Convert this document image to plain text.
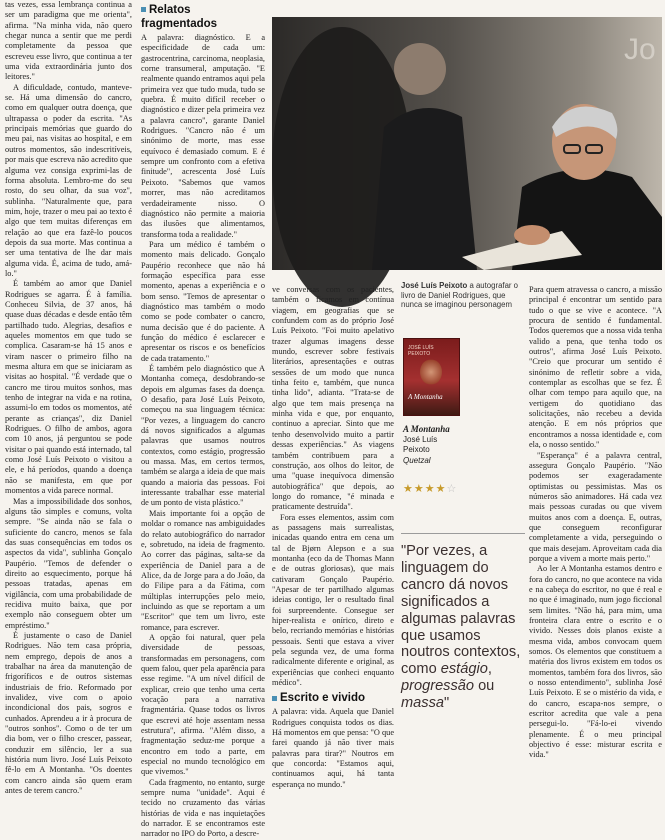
tas vezes, essa lembrança continua a ser um paradigma que me orienta", afirma. "Na minha vida, não quero chegar nunca a sentir que me perdi completamente da pessoa que escreveu esse livro, que continua a ter uma vida extraordinária junto dos leitores."

A dificuldade, contudo, manteve-se. Há uma dimensão do cancro, como em qualquer outra doença, que ultrapassa o poder da escrita. "As principais memórias que guardo do meu pai, nas visitas ao hospital, e em outros momentos, são indescritíveis, por mais que escreva não acredito que alguma vez consiga exprimi-las de forma absoluta. Lembro-me do seu rosto, do seu olhar, da sua voz", sublinha. "Naturalmente que, para mim, hoje, trazer o meu pai ao texto é algo que tem muitas diferenças em relação ao que era fazê-lo poucos depois da sua morte. Mas continua a ser uma tentativa de lhe dar mais alguma vida. É, acima de tudo, amá-lo."

É também ao amor que Daniel Rodrigues se agarra. É à família. Conheceu Silvia, de 37 anos, há quase duas décadas e desde então têm partilhado tudo. Alegrias, desafios e aqueles momentos em que tudo se complica. Casaram-se há 15 anos e viram nascer o primeiro filho na mesma altura em que se iniciaram as visitas ao hospital. "É verdade que o cancro me tirou muitos sonhos, mas tenho de integrar na vida e na rotina, assumi-lo em todos os momentos, até perante as crianças", diz Daniel Rodrigues. O filho de ambos, agora com 10 anos, já perguntou se pode visitar o pai quando está internado, tal como José Luís Peixoto o visitou a ele, e há períodos, quando a doença não se manifesta, em que por momentos a vida parece normal.

Mas a impossibilidade dos sonhos, alguns tão simples e comuns, volta sempre. "Se ainda não se fala o suficiente do cancro, menos se fala das suas consequências em todos os aspectos da vida", sublinha Gonçalo Paupério. "Temos de defender o direito ao esquecimento, porque há pessoas tratadas, apenas em vigilância, com uma probabilidade de recidiva muito baixa, que por exemplo não conseguem obter um empréstimo."

É justamente o caso de Daniel Rodrigues. Não tem casa própria, nem emprego, depois de anos a trabalhar na área da manutenção de frigoríficos e de outros sistemas industriais de frio. Reformado por invalidez, vive com o apoio incondicional dos pais, sogros e cunhados. Aprendeu a ir à procura de "outros sonhos". Como o de ter um dia bom, ver o filho crescer, passear, conduzir em silêncio, ler a sua história num livro. José Luís Peixoto fê-lo em A Montanha. "Os doentes com cancro ainda são quem eram antes de terem cancro."

Relatos fragmentados

A palavra: diagnóstico. E a especificidade de cada um: gastrocentrina, carcinoma, neoplasia, corne transumeral, amputação. "E realmente quando entramos aqui pela primeira vez que tudo muda, tudo se quebra. É muito difícil receber o diagnóstico e dizer pela primeira vez a palavra cancro", garante Daniel Rodrigues. "Cancro não é um sinónimo de morte, mas esse equívoco é demasiado comum. E é sempre um confronto com a efetiva finitude", acrescenta José Luís Peixoto. "Sabemos que vamos morrer, mas não acreditamos verdadeiramente nisso. O diagnóstico não permite a maioria das ilusões que alimentamos, transforma toda a realidade."

Para um médico é também o momento mais delicado. Gonçalo Paupério reconhece que não há formação específica para esse momento, apenas a experiência e o bom senso. "Temos de apresentar o diagnóstico mas também o modo como se pode combater o cancro, numa decisão que é do paciente. A função do médico é esclarecer e apresentar os riscos e os benefícios de cada tratamento."

É também pelo diagnóstico que A Montanha começa, desdobrando-se depois em algumas fases da doença. O desafio, para José Luís Peixoto, começou na sua linguagem técnica: "Por vezes, a linguagem do cancro dá novos significados a algumas palavras que usamos noutros contextos, como estágio, progressão ou massa. Mas, em certos termos, também se alarga a ideia de que mais quando a maioria das pessoas. Foi interessante trabalhar esse material de um ponto de vista plástico."

Mais importante foi a opção de moldar o romance nas ambiguidades do relato autobiográfico do narrador e, sobretudo, na ideia de fragmento. Ao correr das páginas, salta-se da experiência de Daniel para a de Alice, da de Jorge para a do João, da do Filipe para a da Fátima, com múltiplas interrupções pelo meio, incluindo as que se reportam a um "Escritor" que tem um livro, este romance, para escrever.

A opção foi natural, quer pela diversidade de pessoas, transformadas em personagens, com quem falou, quer pela aparência para esse regime. "A um nível difícil de explicar, creio que tenho uma certa vocação para a narrativa fragmentária. Quase todos os livros que escrevi até hoje assentam nessa estrutura", afirma. "Além disso, a fragmentação seduz-me porque a encontro em todo a parte, em especial no mundo tecnológico em que vivemos."

Cada fragmento, no entanto, surge sempre numa "unidade". Aqui é tecido no cruzamento das várias histórias de vida e nas inquietações do narrador. E se encontramos este narrador no IPO do Porto, a descre-

Jo
José Luís Peixoto a autografar o livro de Daniel Rodrigues, que nunca se imaginou personagem

ve conversas com os pacientes, também o ficamos em contínua viagem, em geografias que se confundem com as do próprio José Luís Peixoto. "Foi muito apelativo trazer algumas imagens desse mundo, escrever sobre festivais literários, apresentações e outras sessões de um modo que nunca tinha feito e, também, que nunca tinha lido", adianta. "Trata-se de algo que tem mais presença na minha vida e que, por enquanto, continuo a apreciar. Sinto que me tenho desenvolvido muito a partir dessas experiências." As viagens também contribuem para a construção, aos olhos do leitor, de uma "quase inequívoca dimensão autobiográfica" que depois, ao longo do romance, "é minada e praticamente destruída".

Fora esses elementos, assim com as passagens mais surrealistas, inicadas quando entra em cena um tal de Bjørn Alepson e a sua montanha (eco da de Thomas Mann e de outras gloriosas), que mais cativaram Gonçalo Paupério. "Apesar de ter partilhado algumas ideias contigo, ler o resultado final foi surpreendente. Consegue ser hiper-realista e onírico, direto e belo, recriando memórias e histórias pessoais. Senti que estava a viver pela segunda vez, de uma forma radicalmente diferente e original, as experiências que conheci enquanto médico".

Escrito e vivido

A palavra: vida. Aquela que Daniel Rodrigues conquista todos os dias. Há momentos em que pensa: "O que farei quando já não tiver mais palavras para tirar?" Noutros em que concorda: "Estamos aqui, continuamos aqui, há tanta esperança no mundo."

JOSÉ LUÍS PEIXOTO
A Montanha
A Montanha
José Luís
Peixoto
Quetzal
★★★★☆
"Por vezes, a linguagem do cancro dá novos significados a algumas palavras que usamos noutros contextos, como estágio, progressão ou massa"

Para quem atravessa o cancro, a missão principal é encontrar um sentido para tudo o que se vive e acontece. "A procura de sentido é fundamental. Todos queremos que a nossa vida tenha valido a pena, que tenha todo os outros", afirma José Luís Peixoto. "Creio que procurar um sentido é sinónimo de refletir sobre a vida, contemplar as escolhas que se fez. É olhar com tempo para aquilo que, na vertigem do quotidiano das solicitações, não recebeu a devida atenção. E em nós próprios que encontramos a nossa identidade e, com ela, o nosso sentido."

"Esperança" é a palavra central, assegura Gonçalo Paupério. "Não podemos ser exageradamente optimistas ou pessimistas. Mas os números são animadores. Há cada vez mais pessoas curadas ou que vivem muitos anos com a doença. E, outras, que conseguem reconfigurar completamente a vida, perseguindo o que mais desejam. Aproveitam cada dia porque a vivem a morte mais perto."

Ao ler A Montanha estamos dentro e fora do cancro, no que acontece na vida e na cabeça do escritor, no que é real e no que é imaginado, num jogo ficcional sem limites. "Não há, para mim, uma fronteira clara entre o escrito e o vivido. Nesses dois planos existe a mesma vida, ambos convocam quem somos. Os elementos que constituem a matéria dos livros existem em todos os momentos, também fora dos livros, são o nosso entendimento", sublinha José Luís Peixoto. E se o mistério da vida, e do cancro, escapa-nos sempre, o escritor acredita que vale a pena persegui-lo. "Fá-lo-ei vivendo plenamente. É o meu principal objectivo é esse: misturar escrita e vida."
